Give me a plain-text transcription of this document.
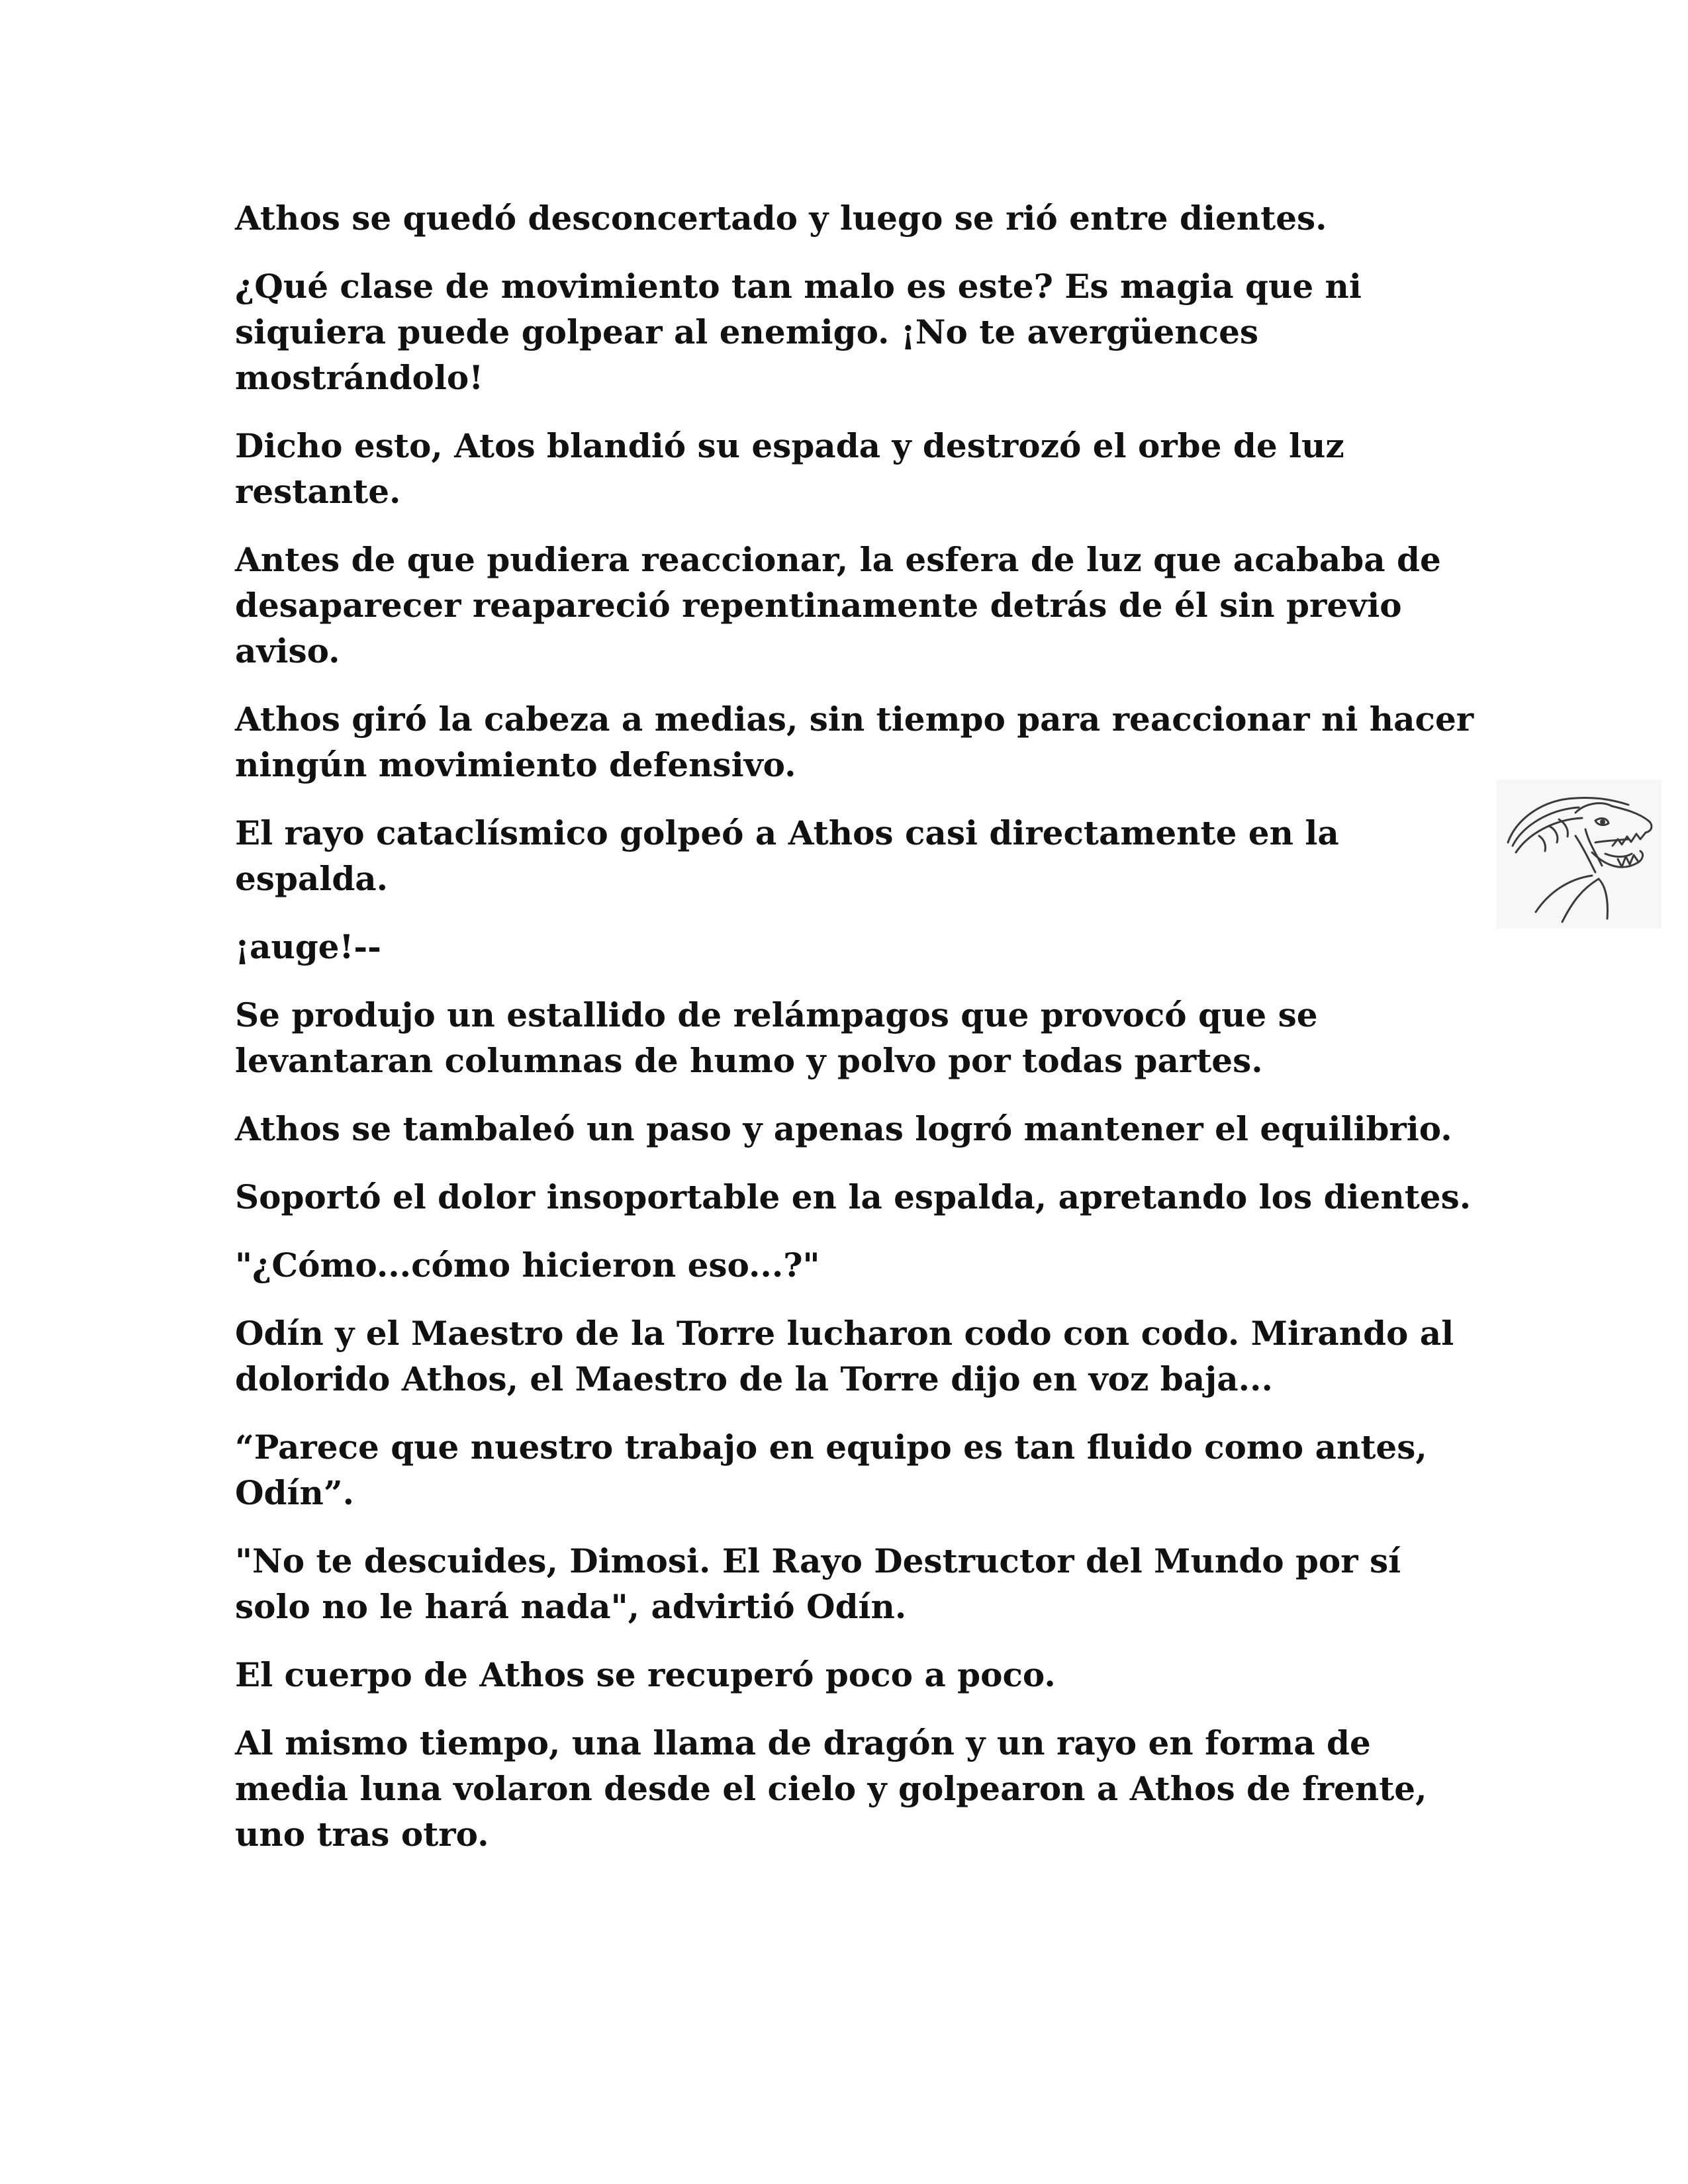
Athos se quedó desconcertado y luego se rió entre dientes.

¿Qué clase de movimiento tan malo es este? Es magia que ni siquiera puede golpear al enemigo. ¡No te avergüences mostrándolo!

Dicho esto, Atos blandió su espada y destrozó el orbe de luz restante.

Antes de que pudiera reaccionar, la esfera de luz que acababa de desaparecer reapareció repentinamente detrás de él sin previo aviso.

Athos giró la cabeza a medias, sin tiempo para reaccionar ni hacer ningún movimiento defensivo.

El rayo cataclísmico golpeó a Athos casi directamente en la espalda.

¡auge!--

Se produjo un estallido de relámpagos que provocó que se levantaran columnas de humo y polvo por todas partes.

Athos se tambaleó un paso y apenas logró mantener el equilibrio.

Soportó el dolor insoportable en la espalda, apretando los dientes.

"¿Cómo...cómo hicieron eso...?"

Odín y el Maestro de la Torre lucharon codo con codo. Mirando al dolorido Athos, el Maestro de la Torre dijo en voz baja...

“Parece que nuestro trabajo en equipo es tan fluido como antes, Odín”.

"No te descuides, Dimosi. El Rayo Destructor del Mundo por sí solo no le hará nada", advirtió Odín.

El cuerpo de Athos se recuperó poco a poco.

Al mismo tiempo, una llama de dragón y un rayo en forma de media luna volaron desde el cielo y golpearon a Athos de frente, uno tras otro.
